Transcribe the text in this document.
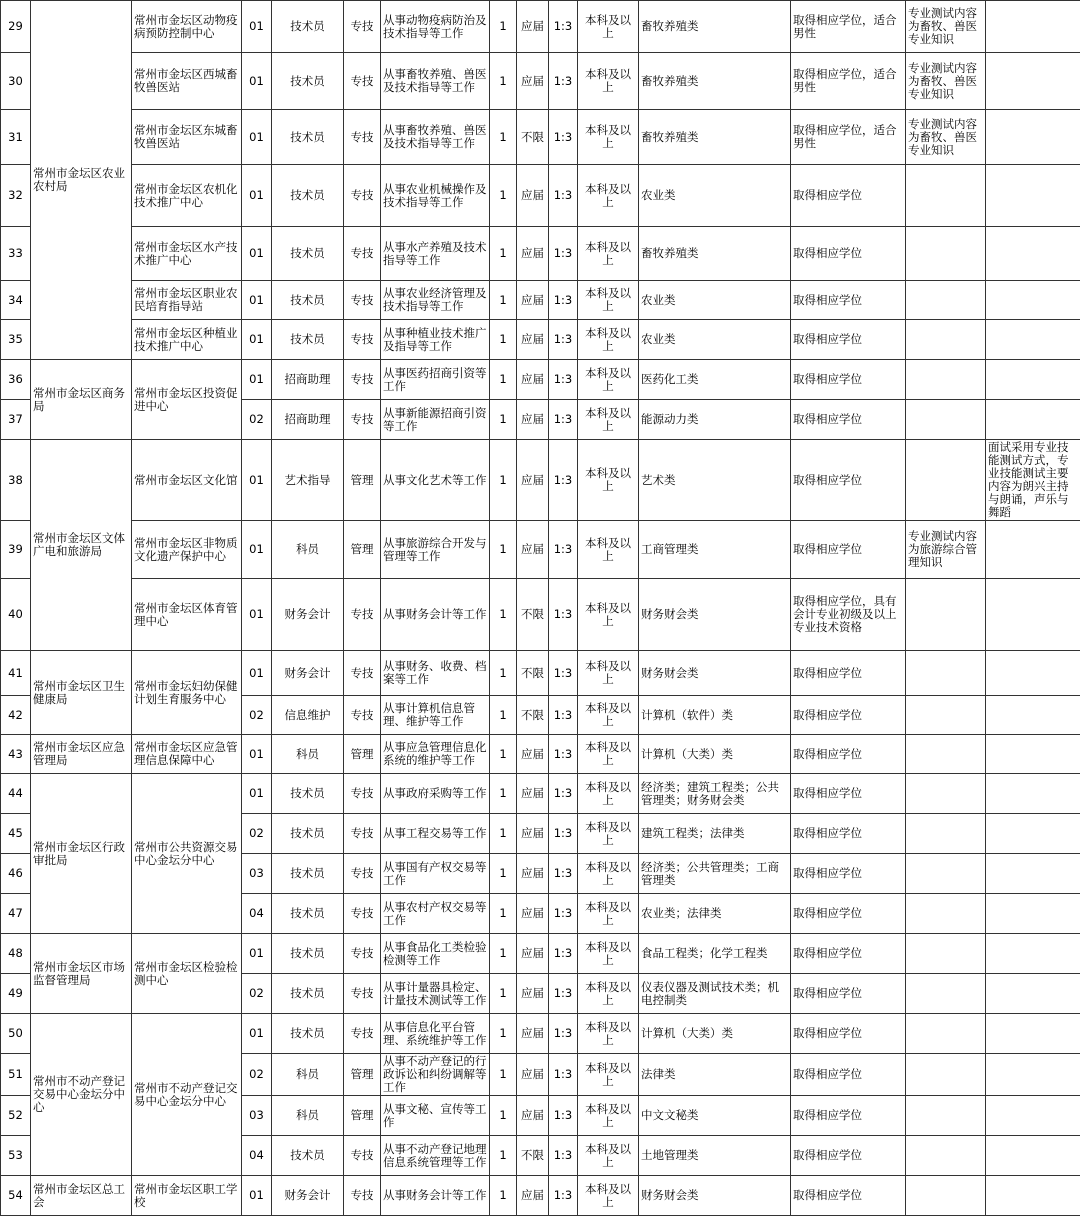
29	常州市金坛区农业农村局	常州市金坛区动物疫病预防控制中心	01	技术员	专技	从事动物疫病防治及技术指导等工作	1	应届	1:3	本科及以上	畜牧养殖类	取得相应学位，适合男性	专业测试内容为畜牧、兽医专业知识	
30		常州市金坛区西城畜牧兽医站	01	技术员	专技	从事畜牧养殖、兽医及技术指导等工作	1	应届	1:3	本科及以上	畜牧养殖类	取得相应学位，适合男性	专业测试内容为畜牧、兽医专业知识	
31		常州市金坛区东城畜牧兽医站	01	技术员	专技	从事畜牧养殖、兽医及技术指导等工作	1	不限	1:3	本科及以上	畜牧养殖类	取得相应学位，适合男性	专业测试内容为畜牧、兽医专业知识	
32		常州市金坛区农机化技术推广中心	01	技术员	专技	从事农业机械操作及技术指导等工作	1	应届	1:3	本科及以上	农业类	取得相应学位		
33		常州市金坛区水产技术推广中心	01	技术员	专技	从事水产养殖及技术指导等工作	1	应届	1:3	本科及以上	畜牧养殖类	取得相应学位		
34		常州市金坛区职业农民培育指导站	01	技术员	专技	从事农业经济管理及技术指导等工作	1	应届	1:3	本科及以上	农业类	取得相应学位		
35		常州市金坛区种植业技术推广中心	01	技术员	专技	从事种植业技术推广及指导等工作	1	应届	1:3	本科及以上	农业类	取得相应学位		
36	常州市金坛区商务局	常州市金坛区投资促进中心	01	招商助理	专技	从事医药招商引资等工作	1	应届	1:3	本科及以上	医药化工类	取得相应学位		
37			02	招商助理	专技	从事新能源招商引资等工作	1	应届	1:3	本科及以上	能源动力类	取得相应学位		
38	常州市金坛区文体广电和旅游局	常州市金坛区文化馆	01	艺术指导	管理	从事文化艺术等工作	1	应届	1:3	本科及以上	艺术类	取得相应学位		面试采用专业技能测试方式，专业技能测试主要内容为朗兴主持与朗诵，声乐与舞蹈
39		常州市金坛区非物质文化遗产保护中心	01	科员	管理	从事旅游综合开发与管理等工作	1	应届	1:3	本科及以上	工商管理类	取得相应学位	专业测试内容为旅游综合管理知识	
40		常州市金坛区体育管理中心	01	财务会计	专技	从事财务会计等工作	1	不限	1:3	本科及以上	财务财会类	取得相应学位，具有会计专业初级及以上专业技术资格		
41	常州市金坛区卫生健康局	常州市金坛妇幼保健计划生育服务中心	01	财务会计	专技	从事财务、收费、档案等工作	1	不限	1:3	本科及以上	财务财会类	取得相应学位		
42			02	信息维护	专技	从事计算机信息管理、维护等工作	1	不限	1:3	本科及以上	计算机（软件）类	取得相应学位		
43	常州市金坛区应急管理局	常州市金坛区应急管理信息保障中心	01	科员	管理	从事应急管理信息化系统的维护等工作	1	应届	1:3	本科及以上	计算机（大类）类	取得相应学位		
44	常州市金坛区行政审批局	常州市公共资源交易中心金坛分中心	01	技术员	专技	从事政府采购等工作	1	应届	1:3	本科及以上	经济类；建筑工程类；公共管理类；财务财会类	取得相应学位		
45			02	技术员	专技	从事工程交易等工作	1	应届	1:3	本科及以上	建筑工程类；法律类	取得相应学位		
46			03	技术员	专技	从事国有产权交易等工作	1	应届	1:3	本科及以上	经济类；公共管理类；工商管理类	取得相应学位		
47			04	技术员	专技	从事农村产权交易等工作	1	应届	1:3	本科及以上	农业类；法律类	取得相应学位		
48	常州市金坛区市场监督管理局	常州市金坛区检验检测中心	01	技术员	专技	从事食品化工类检验检测等工作	1	应届	1:3	本科及以上	食品工程类；化学工程类	取得相应学位		
49			02	技术员	专技	从事计量器具检定、计量技术测试等工作	1	应届	1:3	本科及以上	仪表仪器及测试技术类；机电控制类	取得相应学位		
50	常州市不动产登记交易中心金坛分中心	常州市不动产登记交易中心金坛分中心	01	技术员	专技	从事信息化平台管理、系统维护等工作	1	应届	1:3	本科及以上	计算机（大类）类	取得相应学位		
51			02	科员	管理	从事不动产登记的行政诉讼和纠纷调解等工作	1	应届	1:3	本科及以上	法律类	取得相应学位		
52			03	科员	管理	从事文秘、宣传等工作	1	应届	1:3	本科及以上	中文文秘类	取得相应学位		
53			04	技术员	专技	从事不动产登记地理信息系统管理等工作	1	不限	1:3	本科及以上	土地管理类	取得相应学位		
54	常州市金坛区总工会	常州市金坛区职工学校	01	财务会计	专技	从事财务会计等工作	1	应届	1:3	本科及以上	财务财会类	取得相应学位		
